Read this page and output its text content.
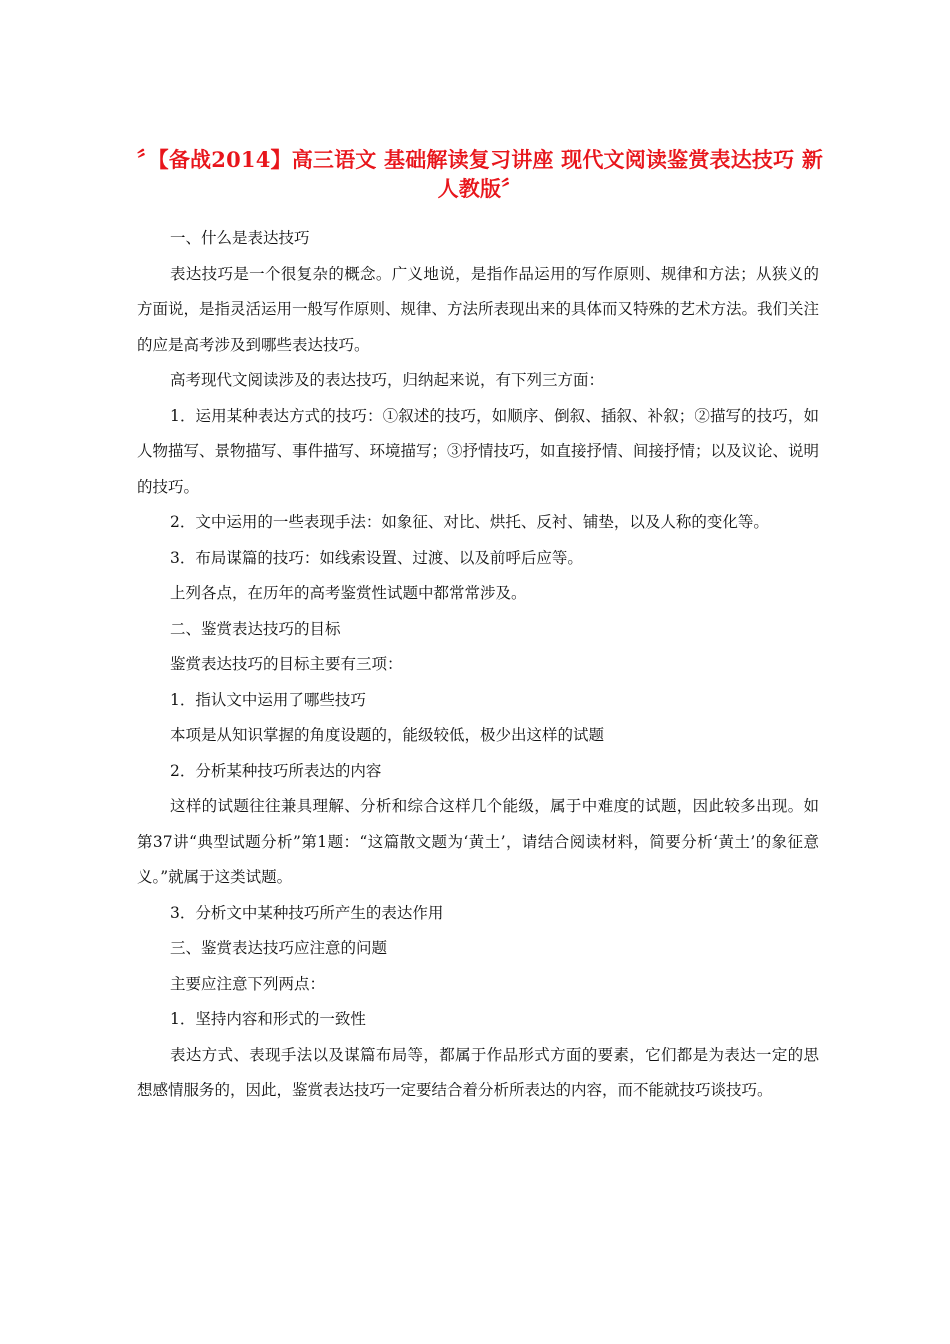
〞【备战2014】高三语文 基础解读复习讲座 现代文阅读鉴赏表达技巧 新人教版〞

一、什么是表达技巧

表达技巧是一个很复杂的概念。广义地说，是指作品运用的写作原则、规律和方法；从狭义的方面说，是指灵活运用一般写作原则、规律、方法所表现出来的具体而又特殊的艺术方法。我们关注的应是高考涉及到哪些表达技巧。

高考现代文阅读涉及的表达技巧，归纳起来说，有下列三方面：

1．运用某种表达方式的技巧：①叙述的技巧，如顺序、倒叙、插叙、补叙；②描写的技巧，如人物描写、景物描写、事件描写、环境描写；③抒情技巧，如直接抒情、间接抒情；以及议论、说明的技巧。

2．文中运用的一些表现手法：如象征、对比、烘托、反衬、铺垫，以及人称的变化等。

3．布局谋篇的技巧：如线索设置、过渡、以及前呼后应等。

上列各点，在历年的高考鉴赏性试题中都常常涉及。

二、鉴赏表达技巧的目标

鉴赏表达技巧的目标主要有三项：

1．指认文中运用了哪些技巧

本项是从知识掌握的角度设题的，能级较低，极少出这样的试题

2．分析某种技巧所表达的内容

这样的试题往往兼具理解、分析和综合这样几个能级，属于中难度的试题，因此较多出现。如第37讲“典型试题分析”第1题：“这篇散文题为‘黄土’，请结合阅读材料，简要分析‘黄土’的象征意义。”就属于这类试题。

3．分析文中某种技巧所产生的表达作用

三、鉴赏表达技巧应注意的问题

主要应注意下列两点：

1．坚持内容和形式的一致性

表达方式、表现手法以及谋篇布局等，都属于作品形式方面的要素，它们都是为表达一定的思想感情服务的，因此，鉴赏表达技巧一定要结合着分析所表达的内容，而不能就技巧谈技巧。
